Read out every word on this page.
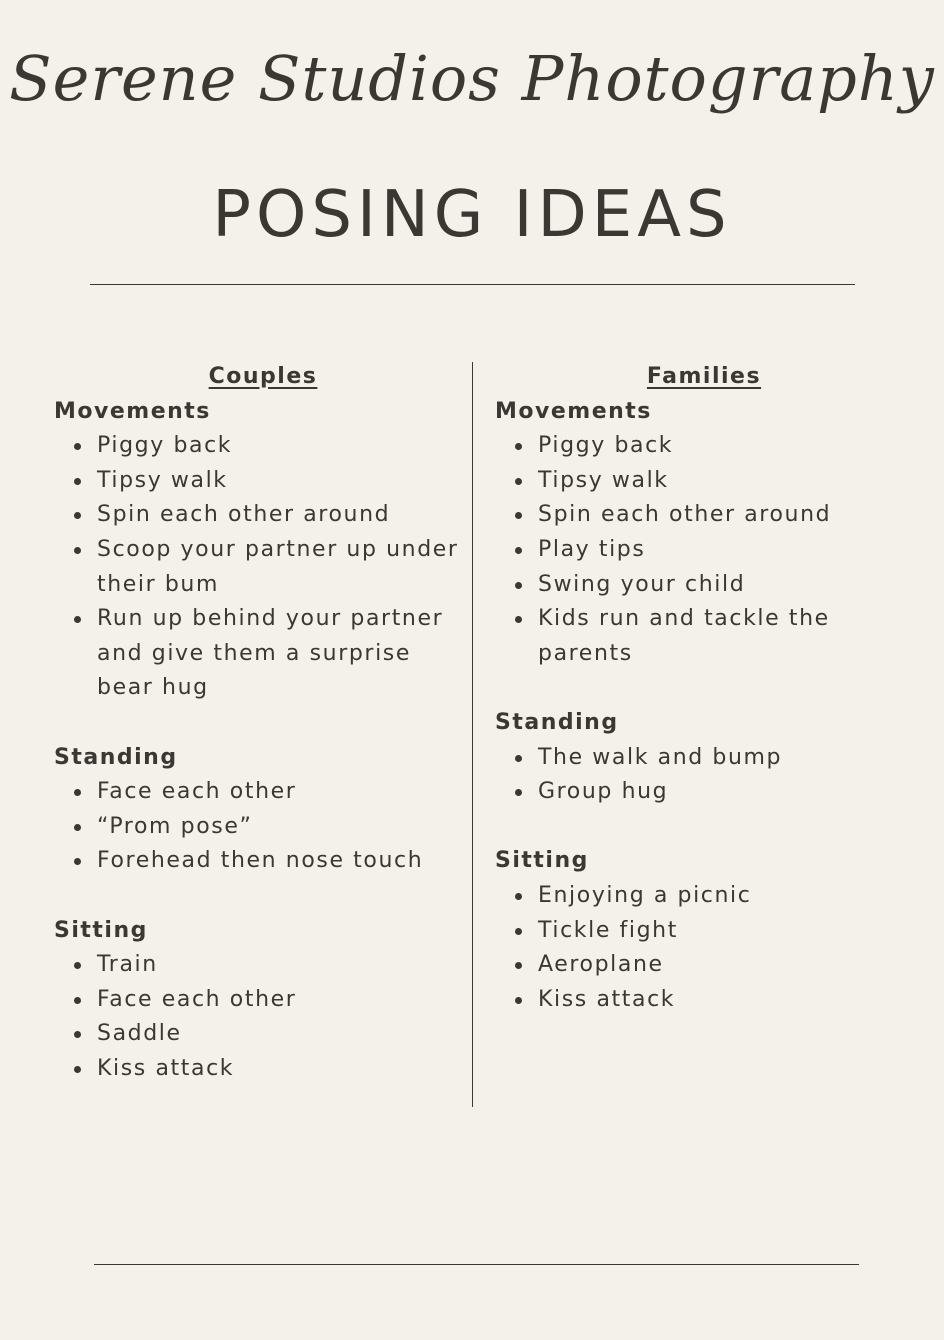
Serene Studios Photography
POSING IDEAS
Couples
Movements
Piggy back
Tipsy walk
Spin each other around
Scoop your partner up under their bum
Run up behind your partner and give them a surprise bear hug
Standing
Face each other
“Prom pose”
Forehead then nose touch
Sitting
Train
Face each other
Saddle
Kiss attack
Families
Movements
Piggy back
Tipsy walk
Spin each other around
Play tips
Swing your child
Kids run and tackle the parents
Standing
The walk and bump
Group hug
Sitting
Enjoying a picnic
Tickle fight
Aeroplane
Kiss attack
